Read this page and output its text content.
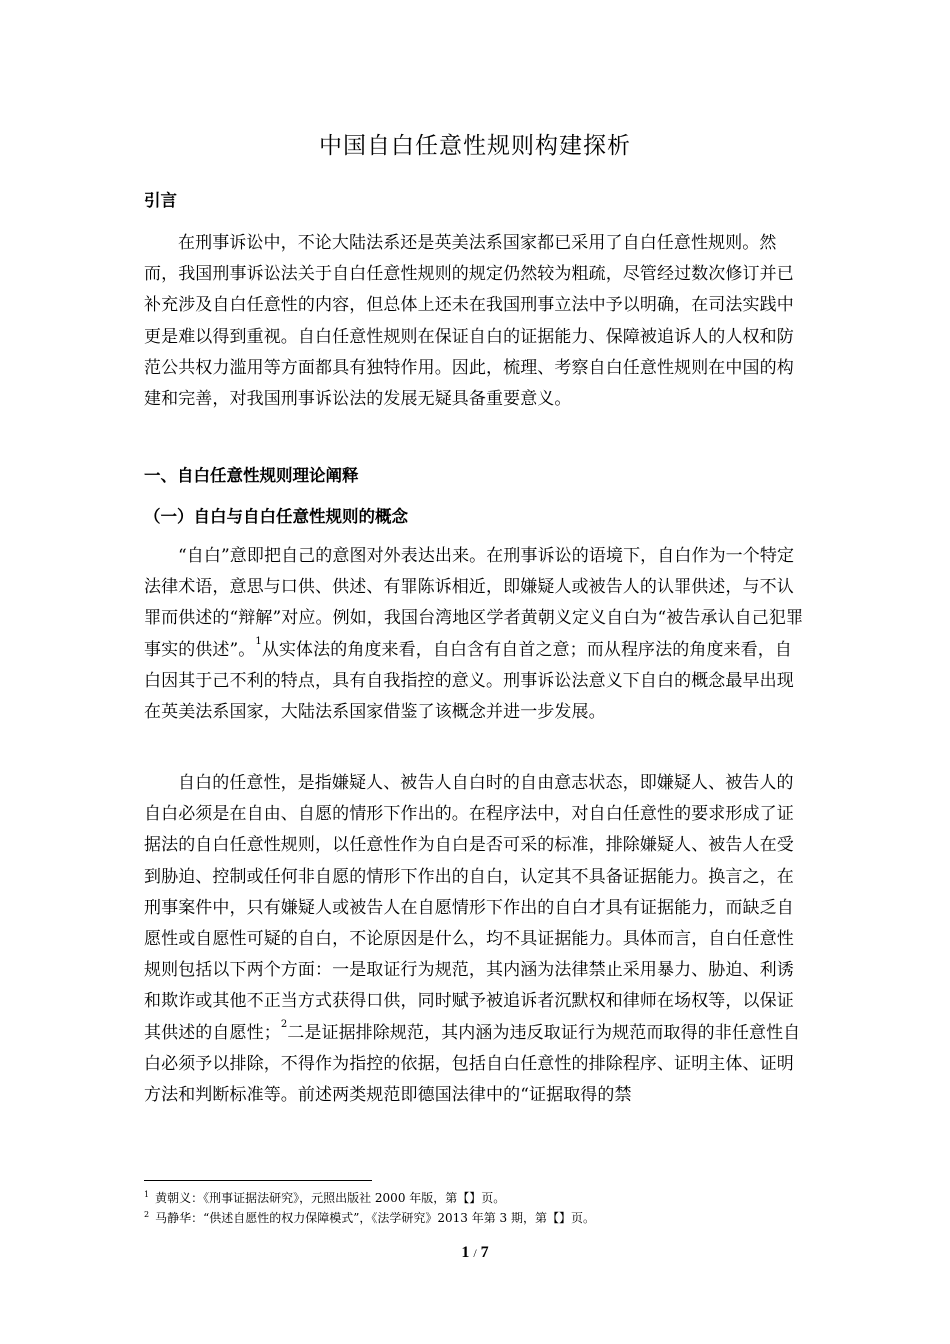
中国自白任意性规则构建探析
引言

在刑事诉讼中，不论大陆法系还是英美法系国家都已采用了自白任意性规则。然而，我国刑事诉讼法关于自白任意性规则的规定仍然较为粗疏，尽管经过数次修订并已补充涉及自白任意性的内容，但总体上还未在我国刑事立法中予以明确，在司法实践中更是难以得到重视。自白任意性规则在保证自白的证据能力、保障被追诉人的人权和防范公共权力滥用等方面都具有独特作用。因此，梳理、考察自白任意性规则在中国的构建和完善，对我国刑事诉讼法的发展无疑具备重要意义。

一、自白任意性规则理论阐释
（一）自白与自白任意性规则的概念

“自白”意即把自己的意图对外表达出来。在刑事诉讼的语境下，自白作为一个特定法律术语，意思与口供、供述、有罪陈诉相近，即嫌疑人或被告人的认罪供述，与不认罪而供述的“辩解”对应。例如，我国台湾地区学者黄朝义定义自白为“被告承认自己犯罪事实的供述”。$^1$从实体法的角度来看，自白含有自首之意；而从程序法的角度来看，自白因其于己不利的特点，具有自我指控的意义。刑事诉讼法意义下自白的概念最早出现在英美法系国家，大陆法系国家借鉴了该概念并进一步发展。

自白的任意性，是指嫌疑人、被告人自白时的自由意志状态，即嫌疑人、被告人的自白必须是在自由、自愿的情形下作出的。在程序法中，对自白任意性的要求形成了证据法的自白任意性规则，以任意性作为自白是否可采的标准，排除嫌疑人、被告人在受到胁迫、控制或任何非自愿的情形下作出的自白，认定其不具备证据能力。换言之，在刑事案件中，只有嫌疑人或被告人在自愿情形下作出的自白才具有证据能力，而缺乏自愿性或自愿性可疑的自白，不论原因是什么，均不具证据能力。具体而言，自白任意性规则包括以下两个方面：一是取证行为规范，其内涵为法律禁止采用暴力、胁迫、利诱和欺诈或其他不正当方式获得口供，同时赋予被追诉者沉默权和律师在场权等，以保证其供述的自愿性；$^2$二是证据排除规范，其内涵为违反取证行为规范而取得的非任意性自白必须予以排除，不得作为指控的依据，包括自白任意性的排除程序、证明主体、证明方法和判断标准等。前述两类规范即德国法律中的“证据取得的禁

$^1$ 黄朝义：《刑事证据法研究》，元照出版社 2000 年版，第【】页。
$^2$ 马静华：“供述自愿性的权力保障模式”，《法学研究》2013 年第 3 期，第【】页。
1 / 7
